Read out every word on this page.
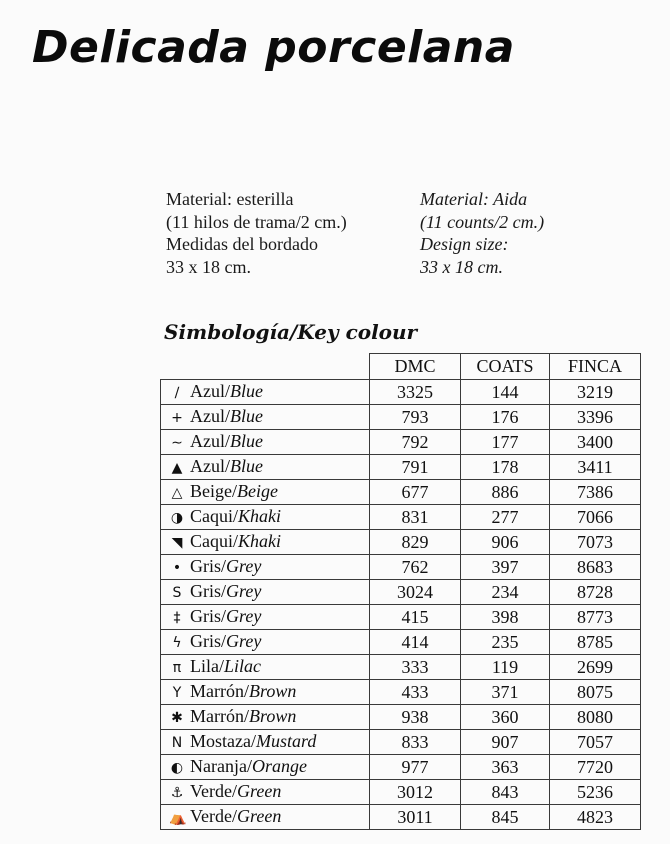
Delicada porcelana
Material: esterilla
(11 hilos de trama/2 cm.)
Medidas del bordado
33 x 18 cm.
Material: Aida
(11 counts/2 cm.)
Design size:
33 x 18 cm.
Simbología/Key colour
	DMC	COATS	FINCA
∕ Azul/Blue	3325	144	3219
+ Azul/Blue	793	176	3396
∼ Azul/Blue	792	177	3400
▲ Azul/Blue	791	178	3411
△ Beige/Beige	677	886	7386
◑ Caqui/Khaki	831	277	7066
◥ Caqui/Khaki	829	906	7073
• Gris/Grey	762	397	8683
S Gris/Grey	3024	234	8728
‡ Gris/Grey	415	398	8773
ϟ Gris/Grey	414	235	8785
π Lila/Lilac	333	119	2699
Y Marrón/Brown	433	371	8075
✱ Marrón/Brown	938	360	8080
N Mostaza/Mustard	833	907	7057
◐ Naranja/Orange	977	363	7720
⚓ Verde/Green	3012	843	5236
⛺ Verde/Green	3011	845	4823
